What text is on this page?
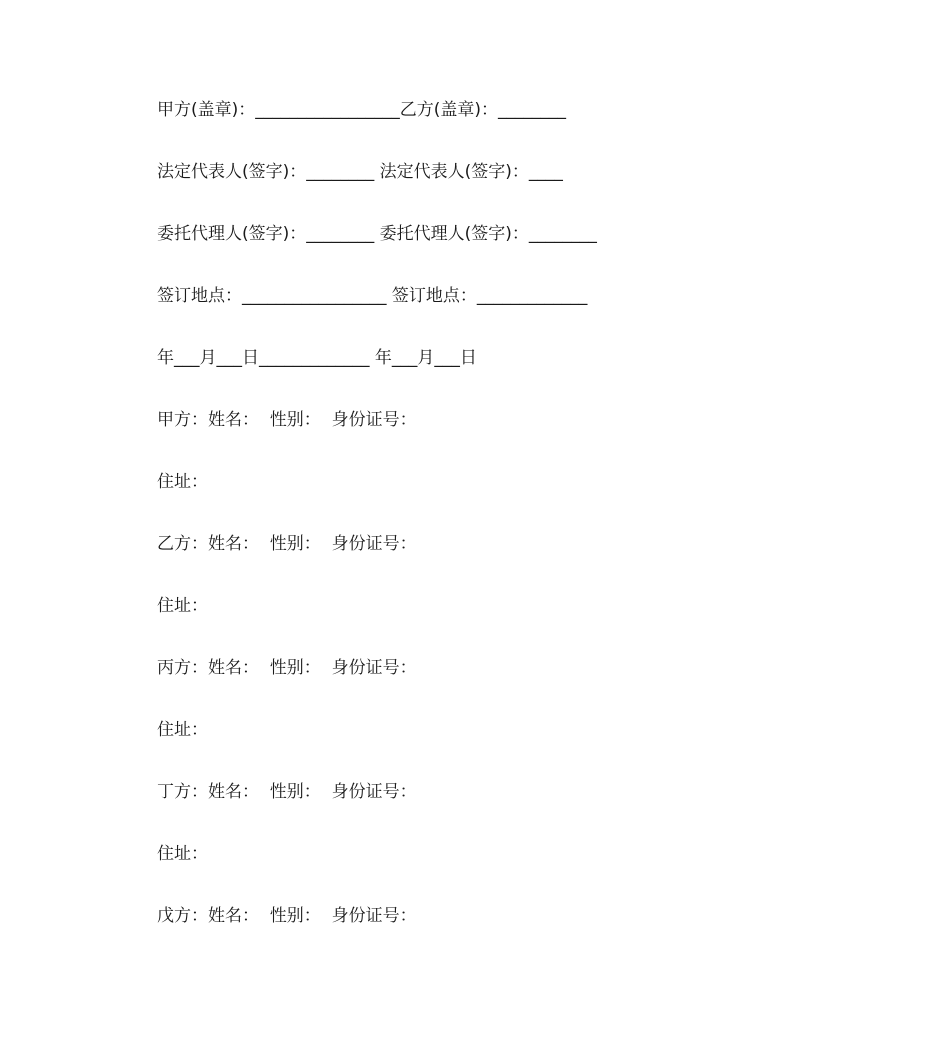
甲方(盖章)：_________________乙方(盖章)：________
法定代表人(签字)：________ 法定代表人(签字)：____
委托代理人(签字)：________ 委托代理人(签字)：________
签订地点：_________________ 签订地点：_____________
年___月___日_____________ 年___月___日
甲方：姓名：  性别：  身份证号：
住址：
乙方：姓名：  性别：  身份证号：
住址：
丙方：姓名：  性别：  身份证号：
住址：
丁方：姓名：  性别：  身份证号：
住址：
戊方：姓名：  性别：  身份证号：
